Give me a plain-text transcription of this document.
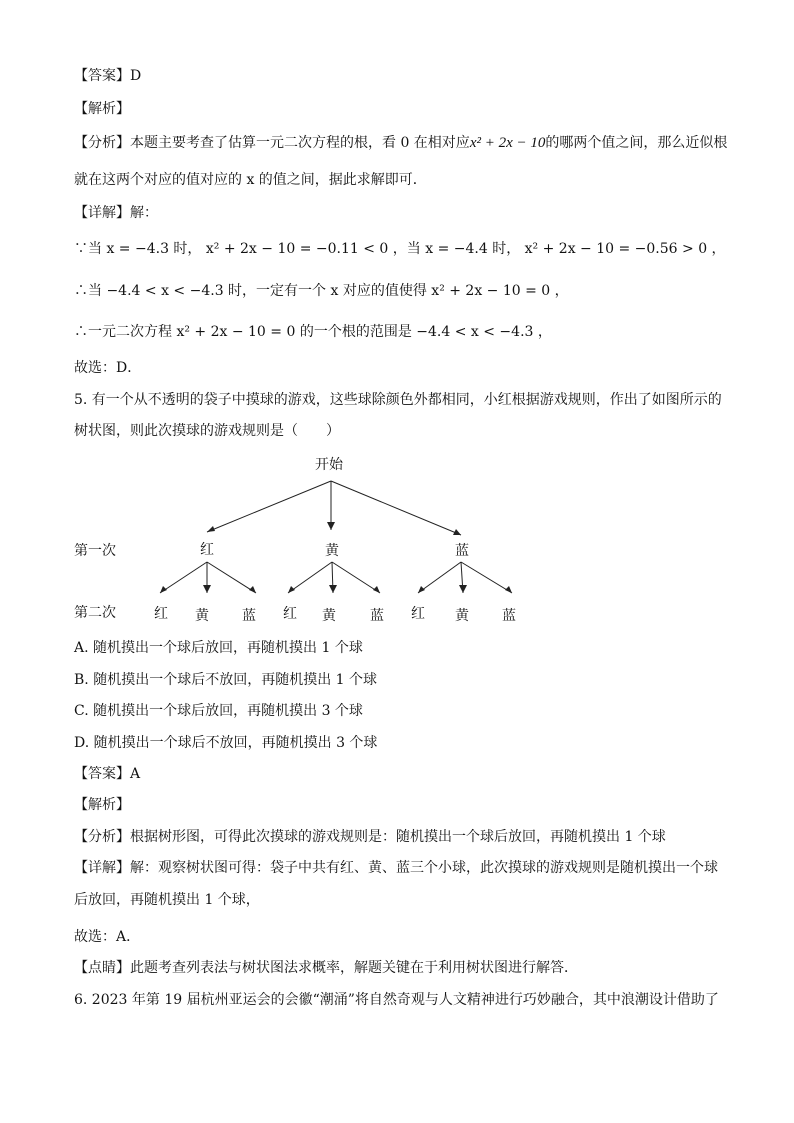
【答案】D
【解析】
【分析】本题主要考查了估算一元二次方程的根，看 0 在相对应x² + 2x − 10的哪两个值之间，那么近似根
就在这两个对应的值对应的 x 的值之间，据此求解即可．
【详解】解：
∵当 x = −4.3 时， x² + 2x − 10 = −0.11 < 0 ，当 x = −4.4 时， x² + 2x − 10 = −0.56 > 0 ，
∴当 −4.4 < x < −4.3 时，一定有一个 x 对应的值使得 x² + 2x − 10 = 0 ，
∴一元二次方程 x² + 2x − 10 = 0 的一个根的范围是 −4.4 < x < −4.3 ，
故选：D．
5. 有一个从不透明的袋子中摸球的游戏，这些球除颜色外都相同，小红根据游戏规则，作出了如图所示的
树状图，则此次摸球的游戏规则是（　　）
开始
第一次
第二次
红	黄	蓝
红 黄 蓝 红 黄 蓝 红 黄 蓝
A. 随机摸出一个球后放回，再随机摸出 1 个球
B. 随机摸出一个球后不放回，再随机摸出 1 个球
C. 随机摸出一个球后放回，再随机摸出 3 个球
D. 随机摸出一个球后不放回，再随机摸出 3 个球
【答案】A
【解析】
【分析】根据树形图，可得此次摸球的游戏规则是：随机摸出一个球后放回，再随机摸出 1 个球
【详解】解：观察树状图可得：袋子中共有红、黄、蓝三个小球，此次摸球的游戏规则是随机摸出一个球
后放回，再随机摸出 1 个球，
故选：A．
【点睛】此题考查列表法与树状图法求概率，解题关键在于利用树状图进行解答．
6. 2023 年第 19 届杭州亚运会的会徽“潮涌”将自然奇观与人文精神进行巧妙融合，其中浪潮设计借助了
